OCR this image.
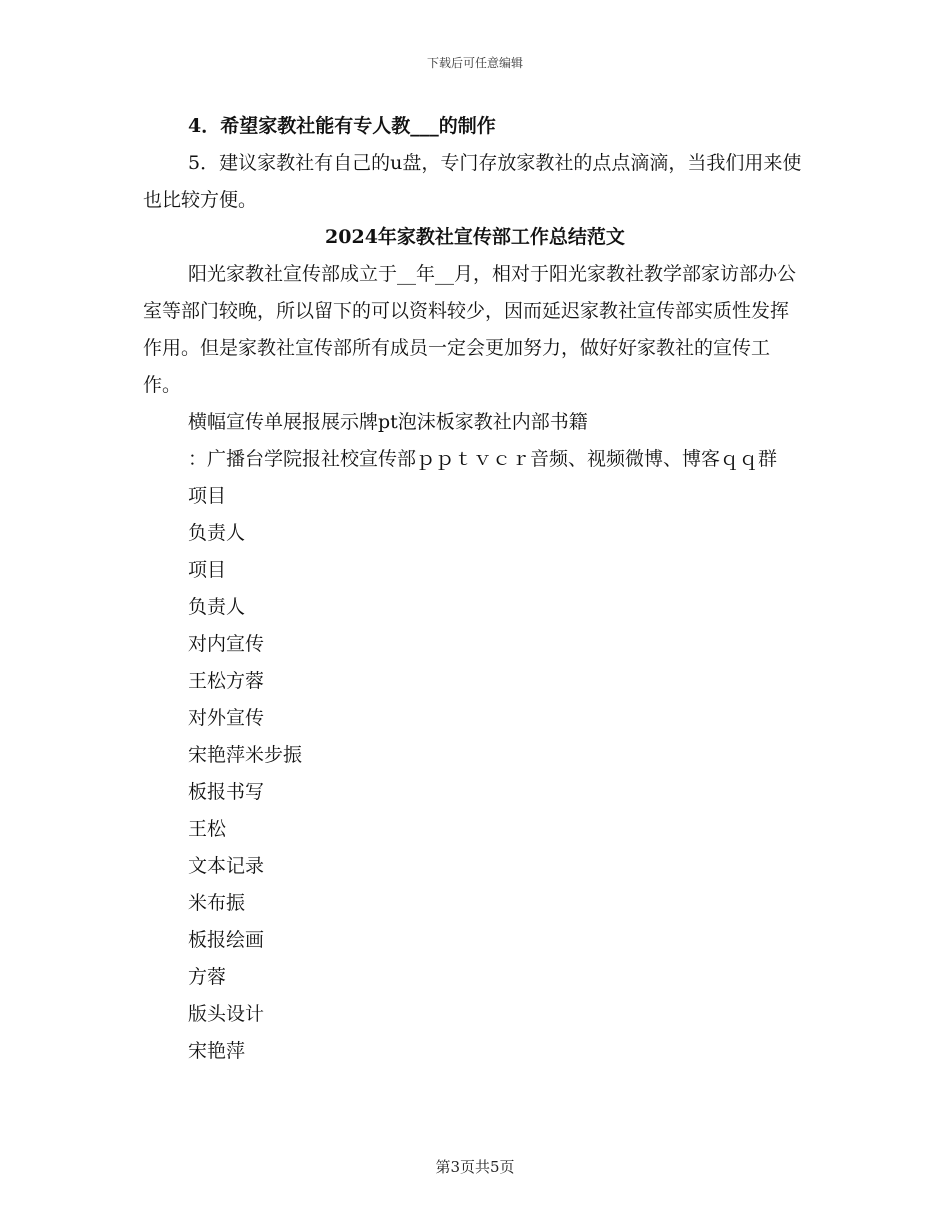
下载后可任意编辑

4．希望家教社能有专人教___的制作

5．建议家教社有自己的u盘，专门存放家教社的点点滴滴，当我们用来使也比较方便。

2024年家教社宣传部工作总结范文

阳光家教社宣传部成立于__年__月，相对于阳光家教社教学部家访部办公室等部门较晚，所以留下的可以资料较少，因而延迟家教社宣传部实质性发挥作用。但是家教社宣传部所有成员一定会更加努力，做好好家教社的宣传工作。

横幅宣传单展报展示牌pt泡沫板家教社内部书籍

：广播台学院报社校宣传部ｐｐｔｖｃｒ音频、视频微博、博客ｑｑ群

项目

负责人

项目

负责人

对内宣传

王松方蓉

对外宣传

宋艳萍米步振

板报书写

王松

文本记录

米布振

板报绘画

方蓉

版头设计

宋艳萍

第3页共5页
